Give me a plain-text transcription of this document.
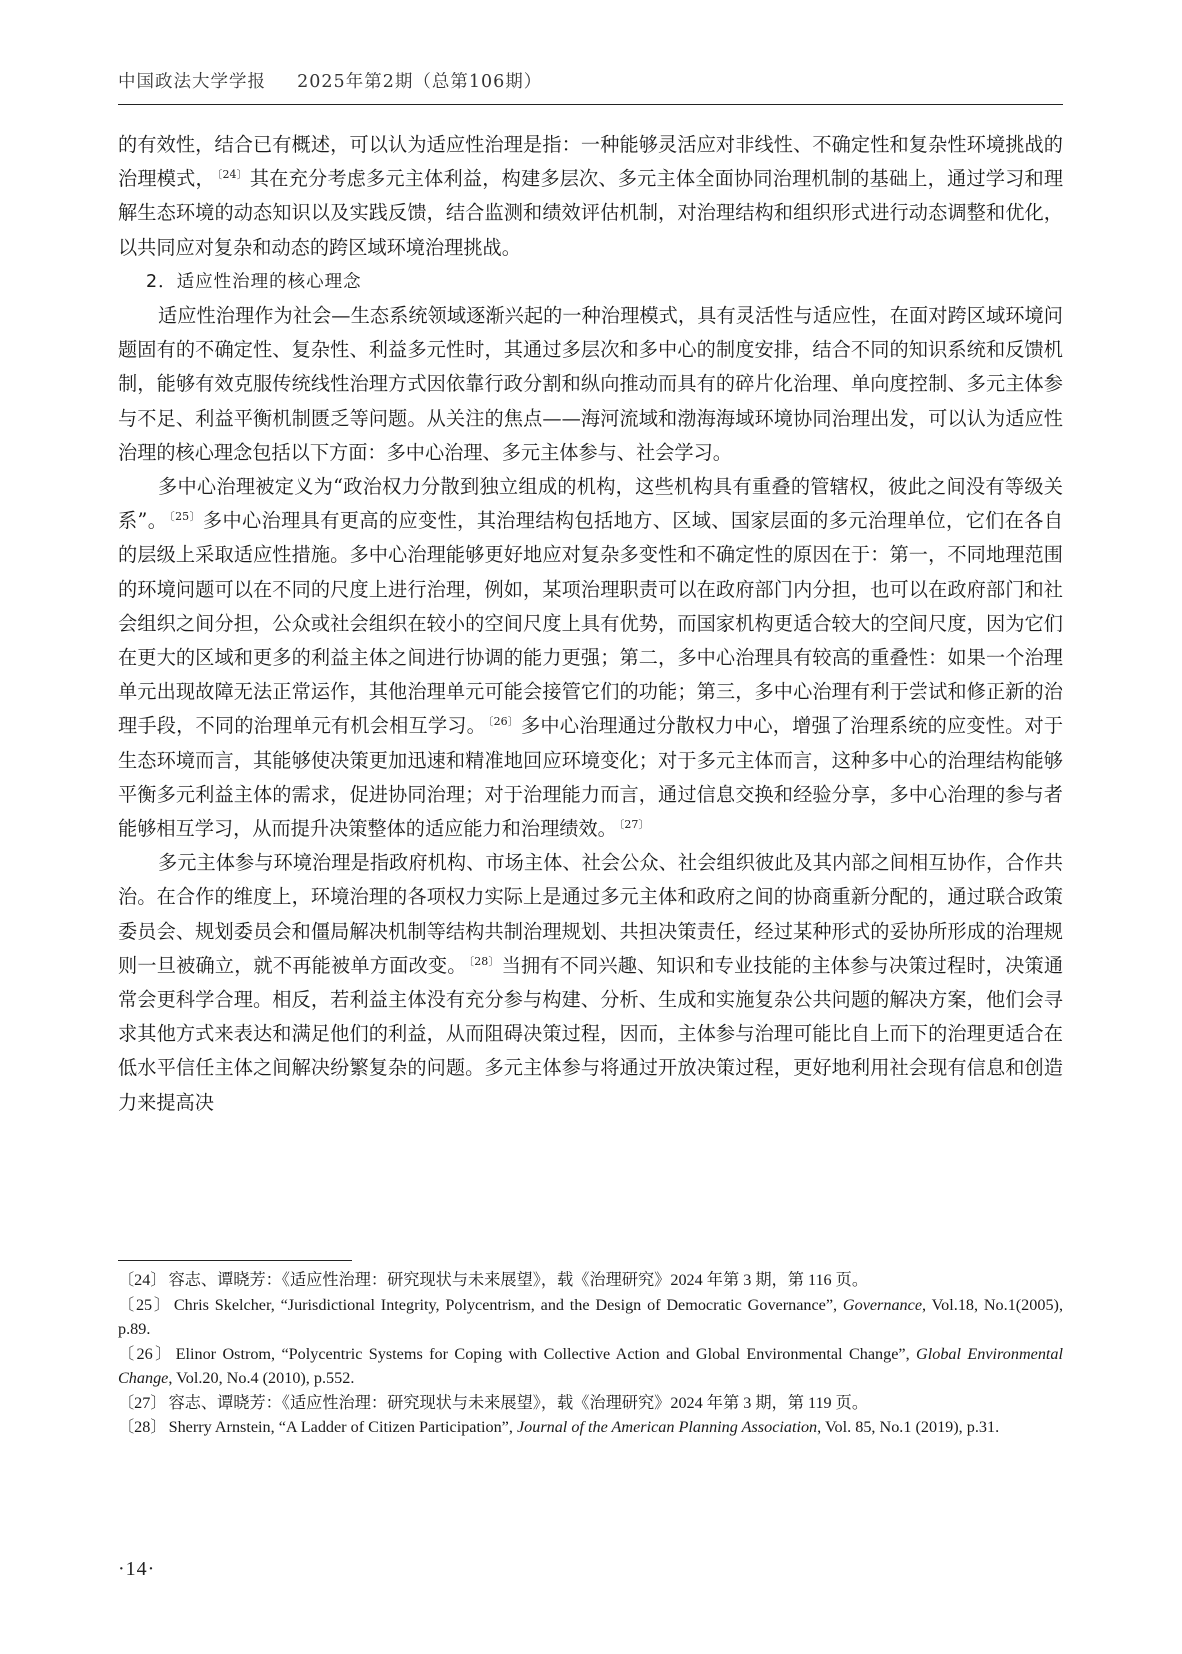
中国政法大学学报 2025年第2期（总第106期）

的有效性，结合已有概述，可以认为适应性治理是指：一种能够灵活应对非线性、不确定性和复杂性环境挑战的治理模式， $^{〔24〕}$ 其在充分考虑多元主体利益，构建多层次、多元主体全面协同治理机制的基础上，通过学习和理解生态环境的动态知识以及实践反馈，结合监测和绩效评估机制，对治理结构和组织形式进行动态调整和优化，以共同应对复杂和动态的跨区域环境治理挑战。

2．适应性治理的核心理念

适应性治理作为社会—生态系统领域逐渐兴起的一种治理模式，具有灵活性与适应性，在面对跨区域环境问题固有的不确定性、复杂性、利益多元性时，其通过多层次和多中心的制度安排，结合不同的知识系统和反馈机制，能够有效克服传统线性治理方式因依靠行政分割和纵向推动而具有的碎片化治理、单向度控制、多元主体参与不足、利益平衡机制匮乏等问题。从关注的焦点——海河流域和渤海海域环境协同治理出发，可以认为适应性治理的核心理念包括以下方面：多中心治理、多元主体参与、社会学习。

多中心治理被定义为“政治权力分散到独立组成的机构，这些机构具有重叠的管辖权，彼此之间没有等级关系”。 $^{〔25〕}$ 多中心治理具有更高的应变性，其治理结构包括地方、区域、国家层面的多元治理单位，它们在各自的层级上采取适应性措施。多中心治理能够更好地应对复杂多变性和不确定性的原因在于：第一，不同地理范围的环境问题可以在不同的尺度上进行治理，例如，某项治理职责可以在政府部门内分担，也可以在政府部门和社会组织之间分担，公众或社会组织在较小的空间尺度上具有优势，而国家机构更适合较大的空间尺度，因为它们在更大的区域和更多的利益主体之间进行协调的能力更强；第二，多中心治理具有较高的重叠性：如果一个治理单元出现故障无法正常运作，其他治理单元可能会接管它们的功能；第三，多中心治理有利于尝试和修正新的治理手段，不同的治理单元有机会相互学习。 $^{〔26〕}$ 多中心治理通过分散权力中心，增强了治理系统的应变性。对于生态环境而言，其能够使决策更加迅速和精准地回应环境变化；对于多元主体而言，这种多中心的治理结构能够平衡多元利益主体的需求，促进协同治理；对于治理能力而言，通过信息交换和经验分享，多中心治理的参与者能够相互学习，从而提升决策整体的适应能力和治理绩效。 $^{〔27〕}$

多元主体参与环境治理是指政府机构、市场主体、社会公众、社会组织彼此及其内部之间相互协作，合作共治。在合作的维度上，环境治理的各项权力实际上是通过多元主体和政府之间的协商重新分配的，通过联合政策委员会、规划委员会和僵局解决机制等结构共制治理规划、共担决策责任，经过某种形式的妥协所形成的治理规则一旦被确立，就不再能被单方面改变。 $^{〔28〕}$ 当拥有不同兴趣、知识和专业技能的主体参与决策过程时，决策通常会更科学合理。相反，若利益主体没有充分参与构建、分析、生成和实施复杂公共问题的解决方案，他们会寻求其他方式来表达和满足他们的利益，从而阻碍决策过程，因而，主体参与治理可能比自上而下的治理更适合在低水平信任主体之间解决纷繁复杂的问题。多元主体参与将通过开放决策过程，更好地利用社会现有信息和创造力来提高决

〔24〕 容志、谭晓芳：《适应性治理：研究现状与未来展望》，载《治理研究》2024 年第 3 期，第 116 页。

〔25〕 Chris Skelcher, “Jurisdictional Integrity, Polycentrism, and the Design of Democratic Governance”, Governance, Vol.18, No.1(2005), p.89.

〔26〕 Elinor Ostrom, “Polycentric Systems for Coping with Collective Action and Global Environmental Change”, Global Environmental Change, Vol.20, No.4 (2010), p.552.

〔27〕 容志、谭晓芳：《适应性治理：研究现状与未来展望》，载《治理研究》2024 年第 3 期，第 119 页。

〔28〕 Sherry Arnstein, “A Ladder of Citizen Participation”, Journal of the American Planning Association, Vol. 85, No.1 (2019), p.31.

·14·
